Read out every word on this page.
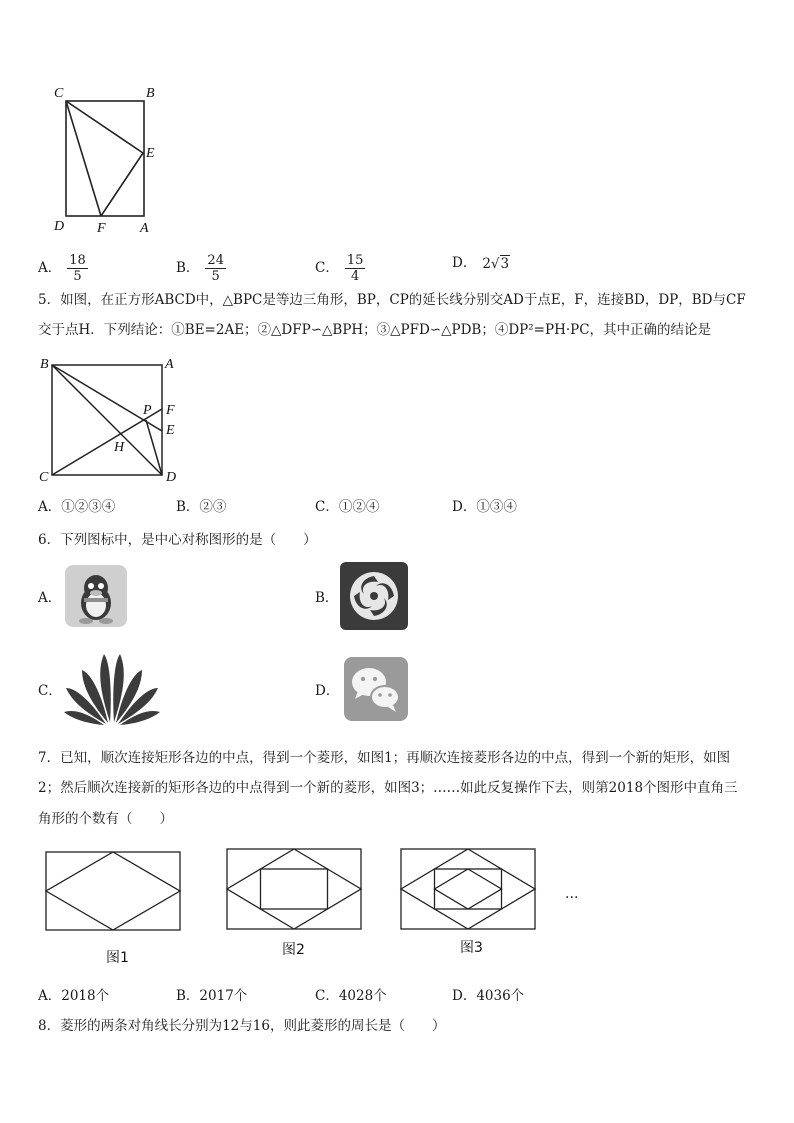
C	B
E
D F A
A． $\frac{18}{5}$	B． $\frac{24}{5}$	C． $\frac{15}{4}$	D． 2√3
5．如图，在正方形ABCD中，△BPC是等边三角形，BP，CP的延长线分别交AD于点E，F，连接BD，DP，BD与CF
交于点H．下列结论：①BE=2AE；②△DFP∽△BPH；③△PFD∽△PDB；④DP²=PH·PC，其中正确的结论是
B	A
P F
E
H
C	D
A．①②③④	B．②③	C．①②④	D．①③④
6．下列图标中，是中心对称图形的是（　　）
A．	B．
C．	D．
7．已知，顺次连接矩形各边的中点，得到一个菱形，如图1；再顺次连接菱形各边的中点，得到一个新的矩形，如图
2；然后顺次连接新的矩形各边的中点得到一个新的菱形，如图3；……如此反复操作下去，则第2018个图形中直角三
角形的个数有（　　）
图1	图2	图3
…
A．2018个	B．2017个	C．4028个	D．4036个
8．菱形的两条对角线长分别为12与16，则此菱形的周长是（　　）
